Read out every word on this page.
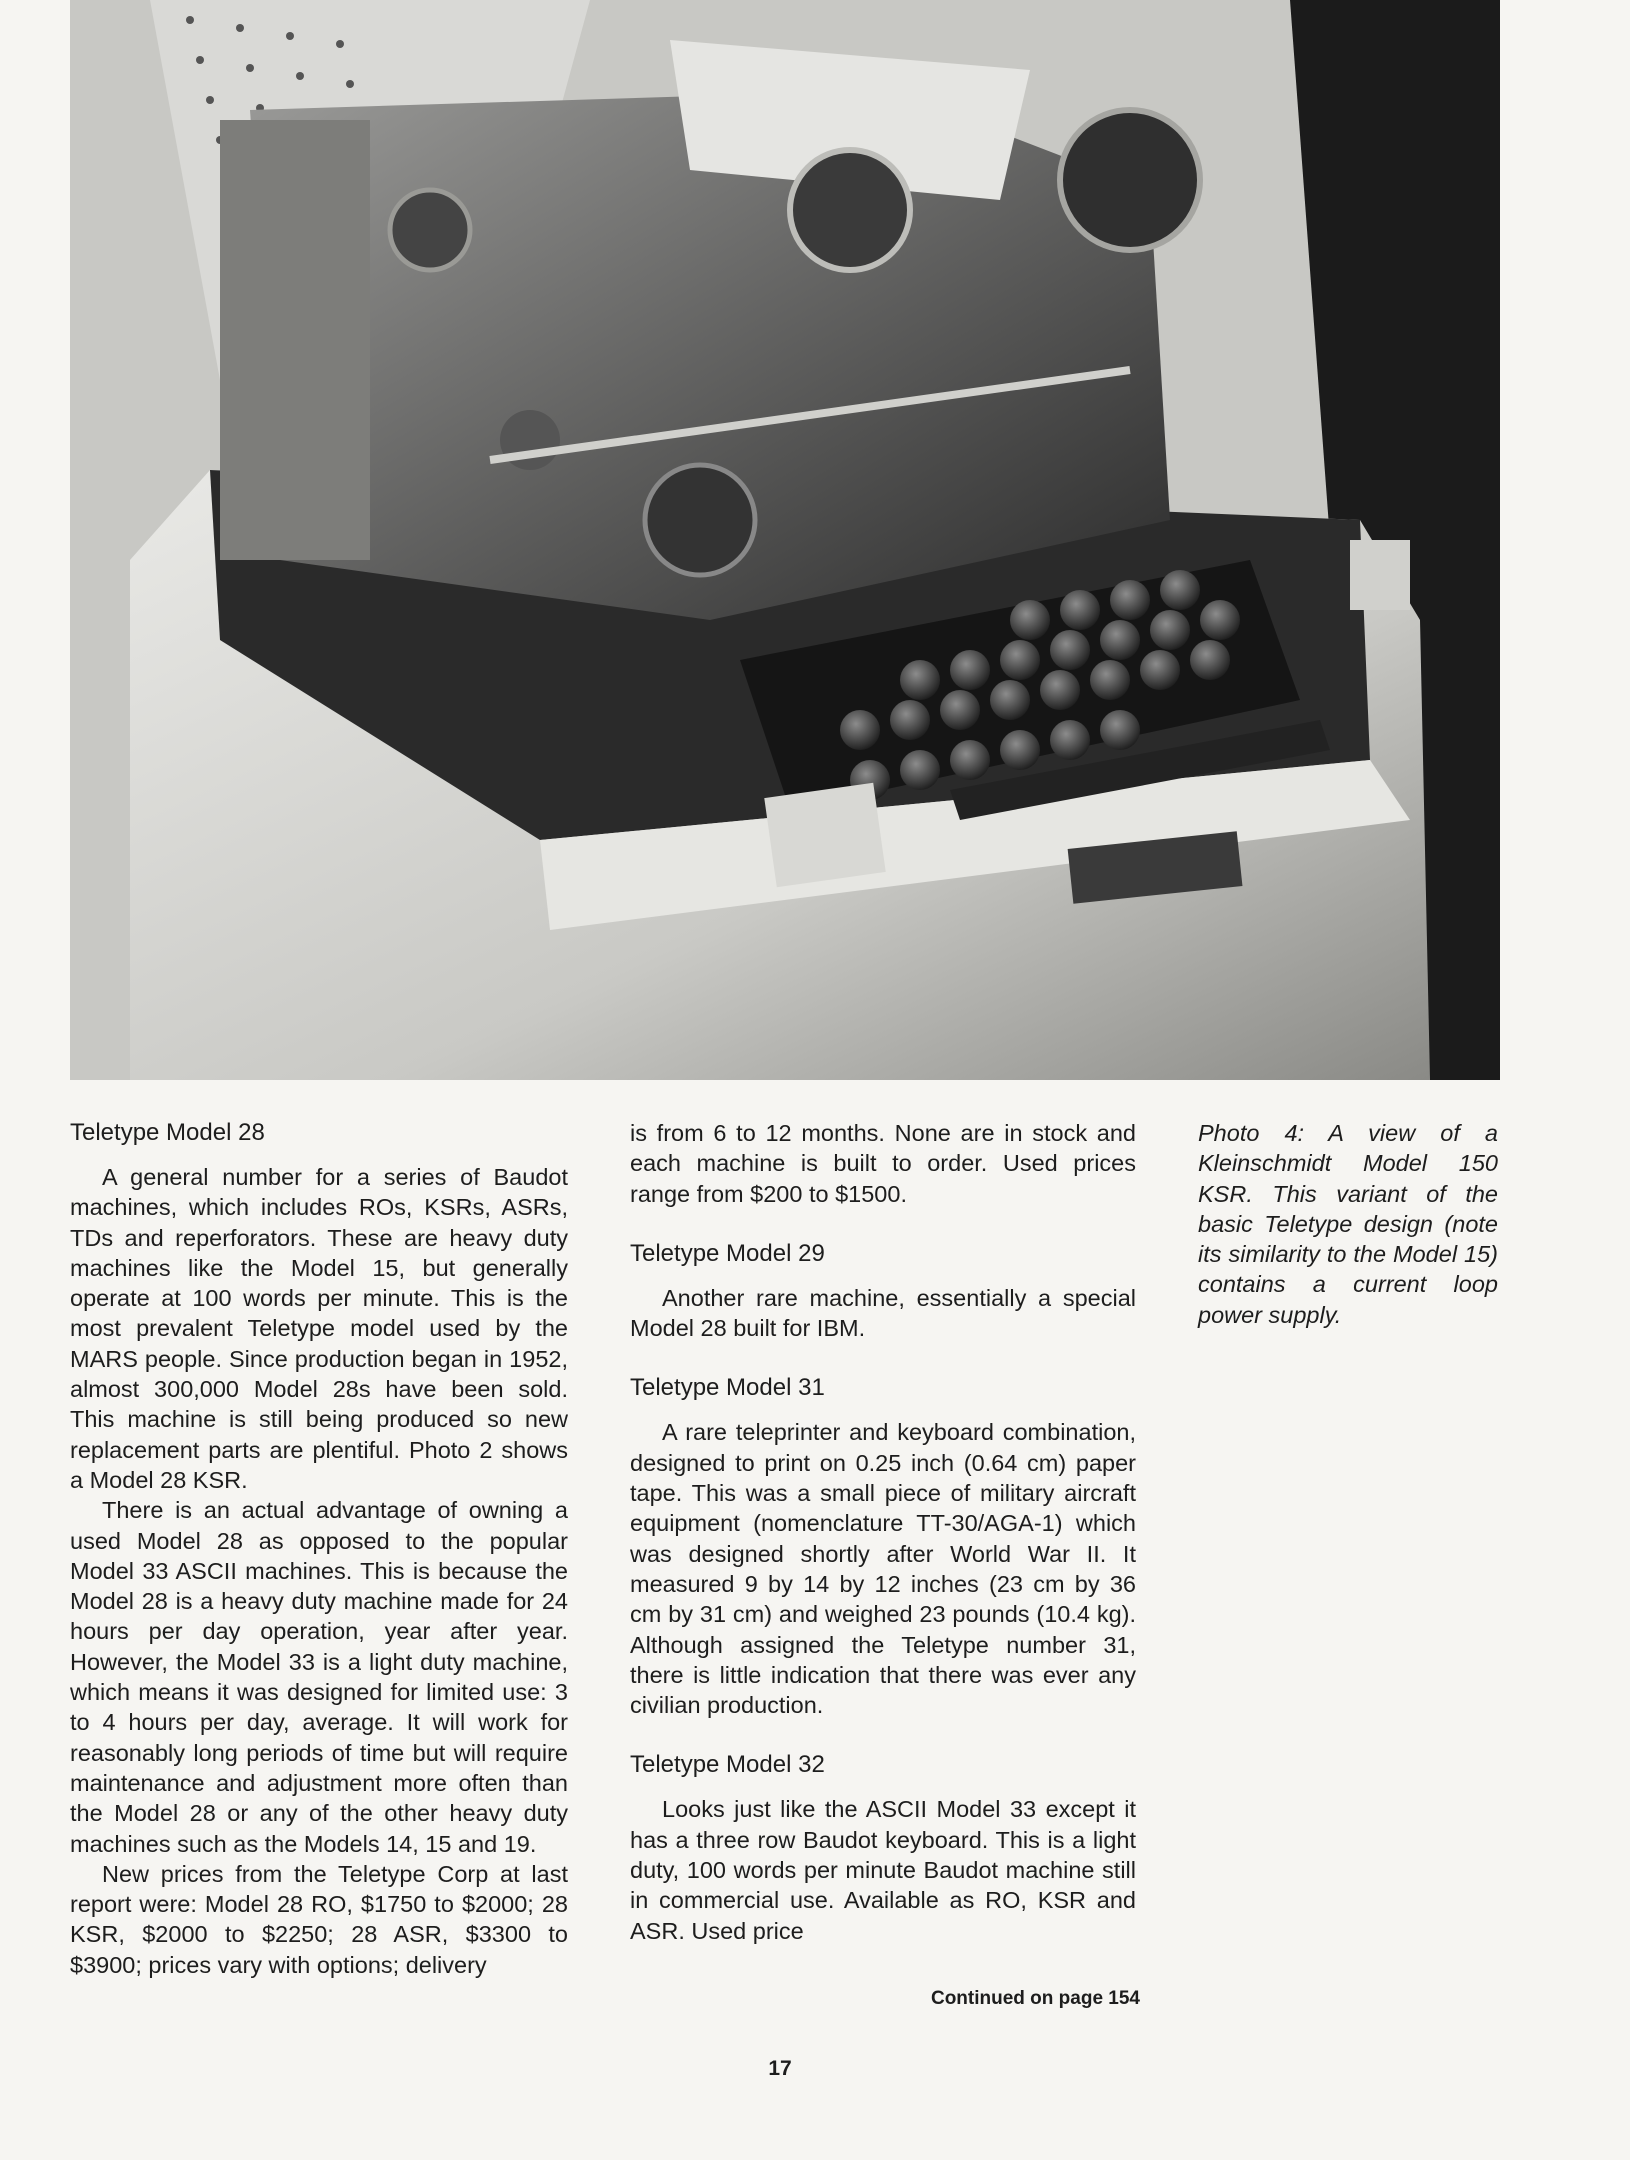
Teletype Model 28

A general number for a series of Baudot machines, which includes ROs, KSRs, ASRs, TDs and reperforators. These are heavy duty machines like the Model 15, but generally operate at 100 words per minute. This is the most prevalent Teletype model used by the MARS people. Since production began in 1952, almost 300,000 Model 28s have been sold. This machine is still being produced so new replacement parts are plentiful. Photo 2 shows a Model 28 KSR.

There is an actual advantage of owning a used Model 28 as opposed to the popular Model 33 ASCII machines. This is because the Model 28 is a heavy duty machine made for 24 hours per day operation, year after year. However, the Model 33 is a light duty machine, which means it was designed for limited use: 3 to 4 hours per day, average. It will work for reasonably long periods of time but will require maintenance and adjustment more often than the Model 28 or any of the other heavy duty machines such as the Models 14, 15 and 19.

New prices from the Teletype Corp at last report were: Model 28 RO, $1750 to $2000; 28 KSR, $2000 to $2250; 28 ASR, $3300 to $3900; prices vary with options; delivery

is from 6 to 12 months. None are in stock and each machine is built to order. Used prices range from $200 to $1500.

Teletype Model 29

Another rare machine, essentially a special Model 28 built for IBM.

Teletype Model 31

A rare teleprinter and keyboard combination, designed to print on 0.25 inch (0.64 cm) paper tape. This was a small piece of military aircraft equipment (nomenclature TT-30/AGA-1) which was designed shortly after World War II. It measured 9 by 14 by 12 inches (23 cm by 36 cm by 31 cm) and weighed 23 pounds (10.4 kg). Although assigned the Teletype number 31, there is little indication that there was ever any civilian production.

Teletype Model 32

Looks just like the ASCII Model 33 except it has a three row Baudot keyboard. This is a light duty, 100 words per minute Baudot machine still in commercial use. Available as RO, KSR and ASR. Used price

Photo 4: A view of a Kleinschmidt Model 150 KSR. This variant of the basic Teletype design (note its similarity to the Model 15) contains a current loop power supply.

Continued on page 154
17
